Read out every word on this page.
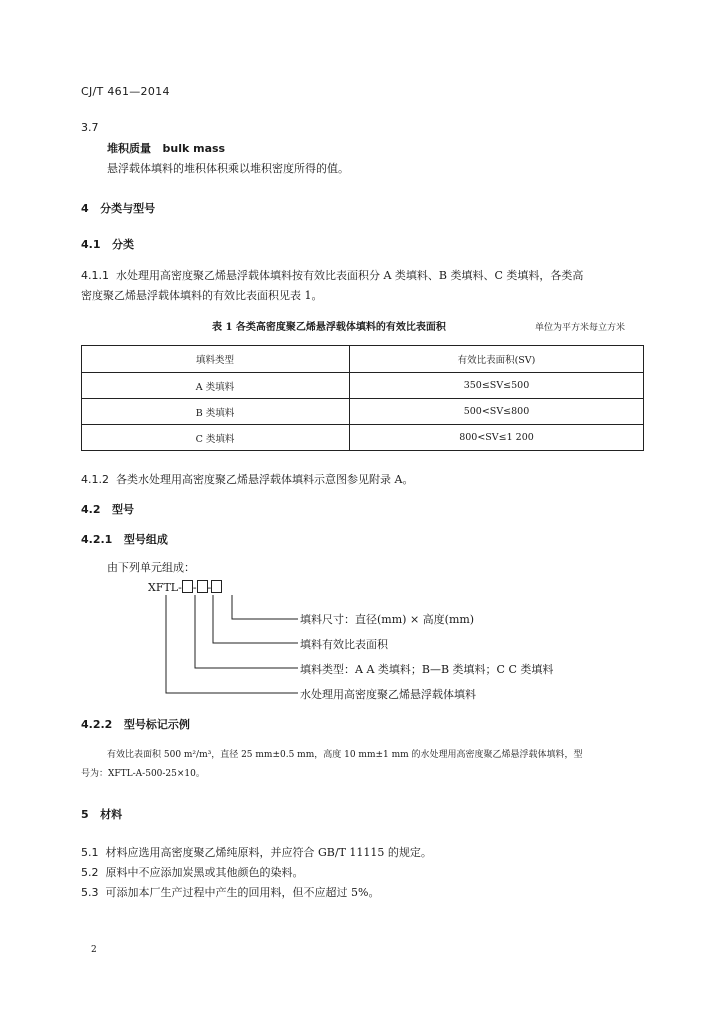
CJ/T 461—2014
3.7
堆积质量 bulk mass
悬浮载体填料的堆积体积乘以堆积密度所得的值。
4 分类与型号
4.1 分类
4.1.1 水处理用高密度聚乙烯悬浮载体填料按有效比表面积分 A 类填料、B 类填料、C 类填料，各类高
密度聚乙烯悬浮载体填料的有效比表面积见表 1。
表 1 各类高密度聚乙烯悬浮载体填料的有效比表面积	单位为平方米每立方米
填料类型	有效比表面积(SV)
A 类填料	350≤SV≤500
B 类填料	500<SV≤800
C 类填料	800<SV≤1 200
4.1.2 各类水处理用高密度聚乙烯悬浮载体填料示意图参见附录 A。
4.2 型号
4.2.1 型号组成
由下列单元组成：
XFTL- - -
填料尺寸：直径(mm) × 高度(mm)
填料有效比表面积
填料类型：A A 类填料；B—B 类填料；C C 类填料
水处理用高密度聚乙烯悬浮载体填料
4.2.2 型号标记示例
有效比表面积 500 m²/m³，直径 25 mm±0.5 mm，高度 10 mm±1 mm 的水处理用高密度聚乙烯悬浮载体填料，型
号为：XFTL-A-500-25×10。
5 材料
5.1 材料应选用高密度聚乙烯纯原料，并应符合 GB/T 11115 的规定。
5.2 原料中不应添加炭黑或其他颜色的染料。
5.3 可添加本厂生产过程中产生的回用料，但不应超过 5%。
2
